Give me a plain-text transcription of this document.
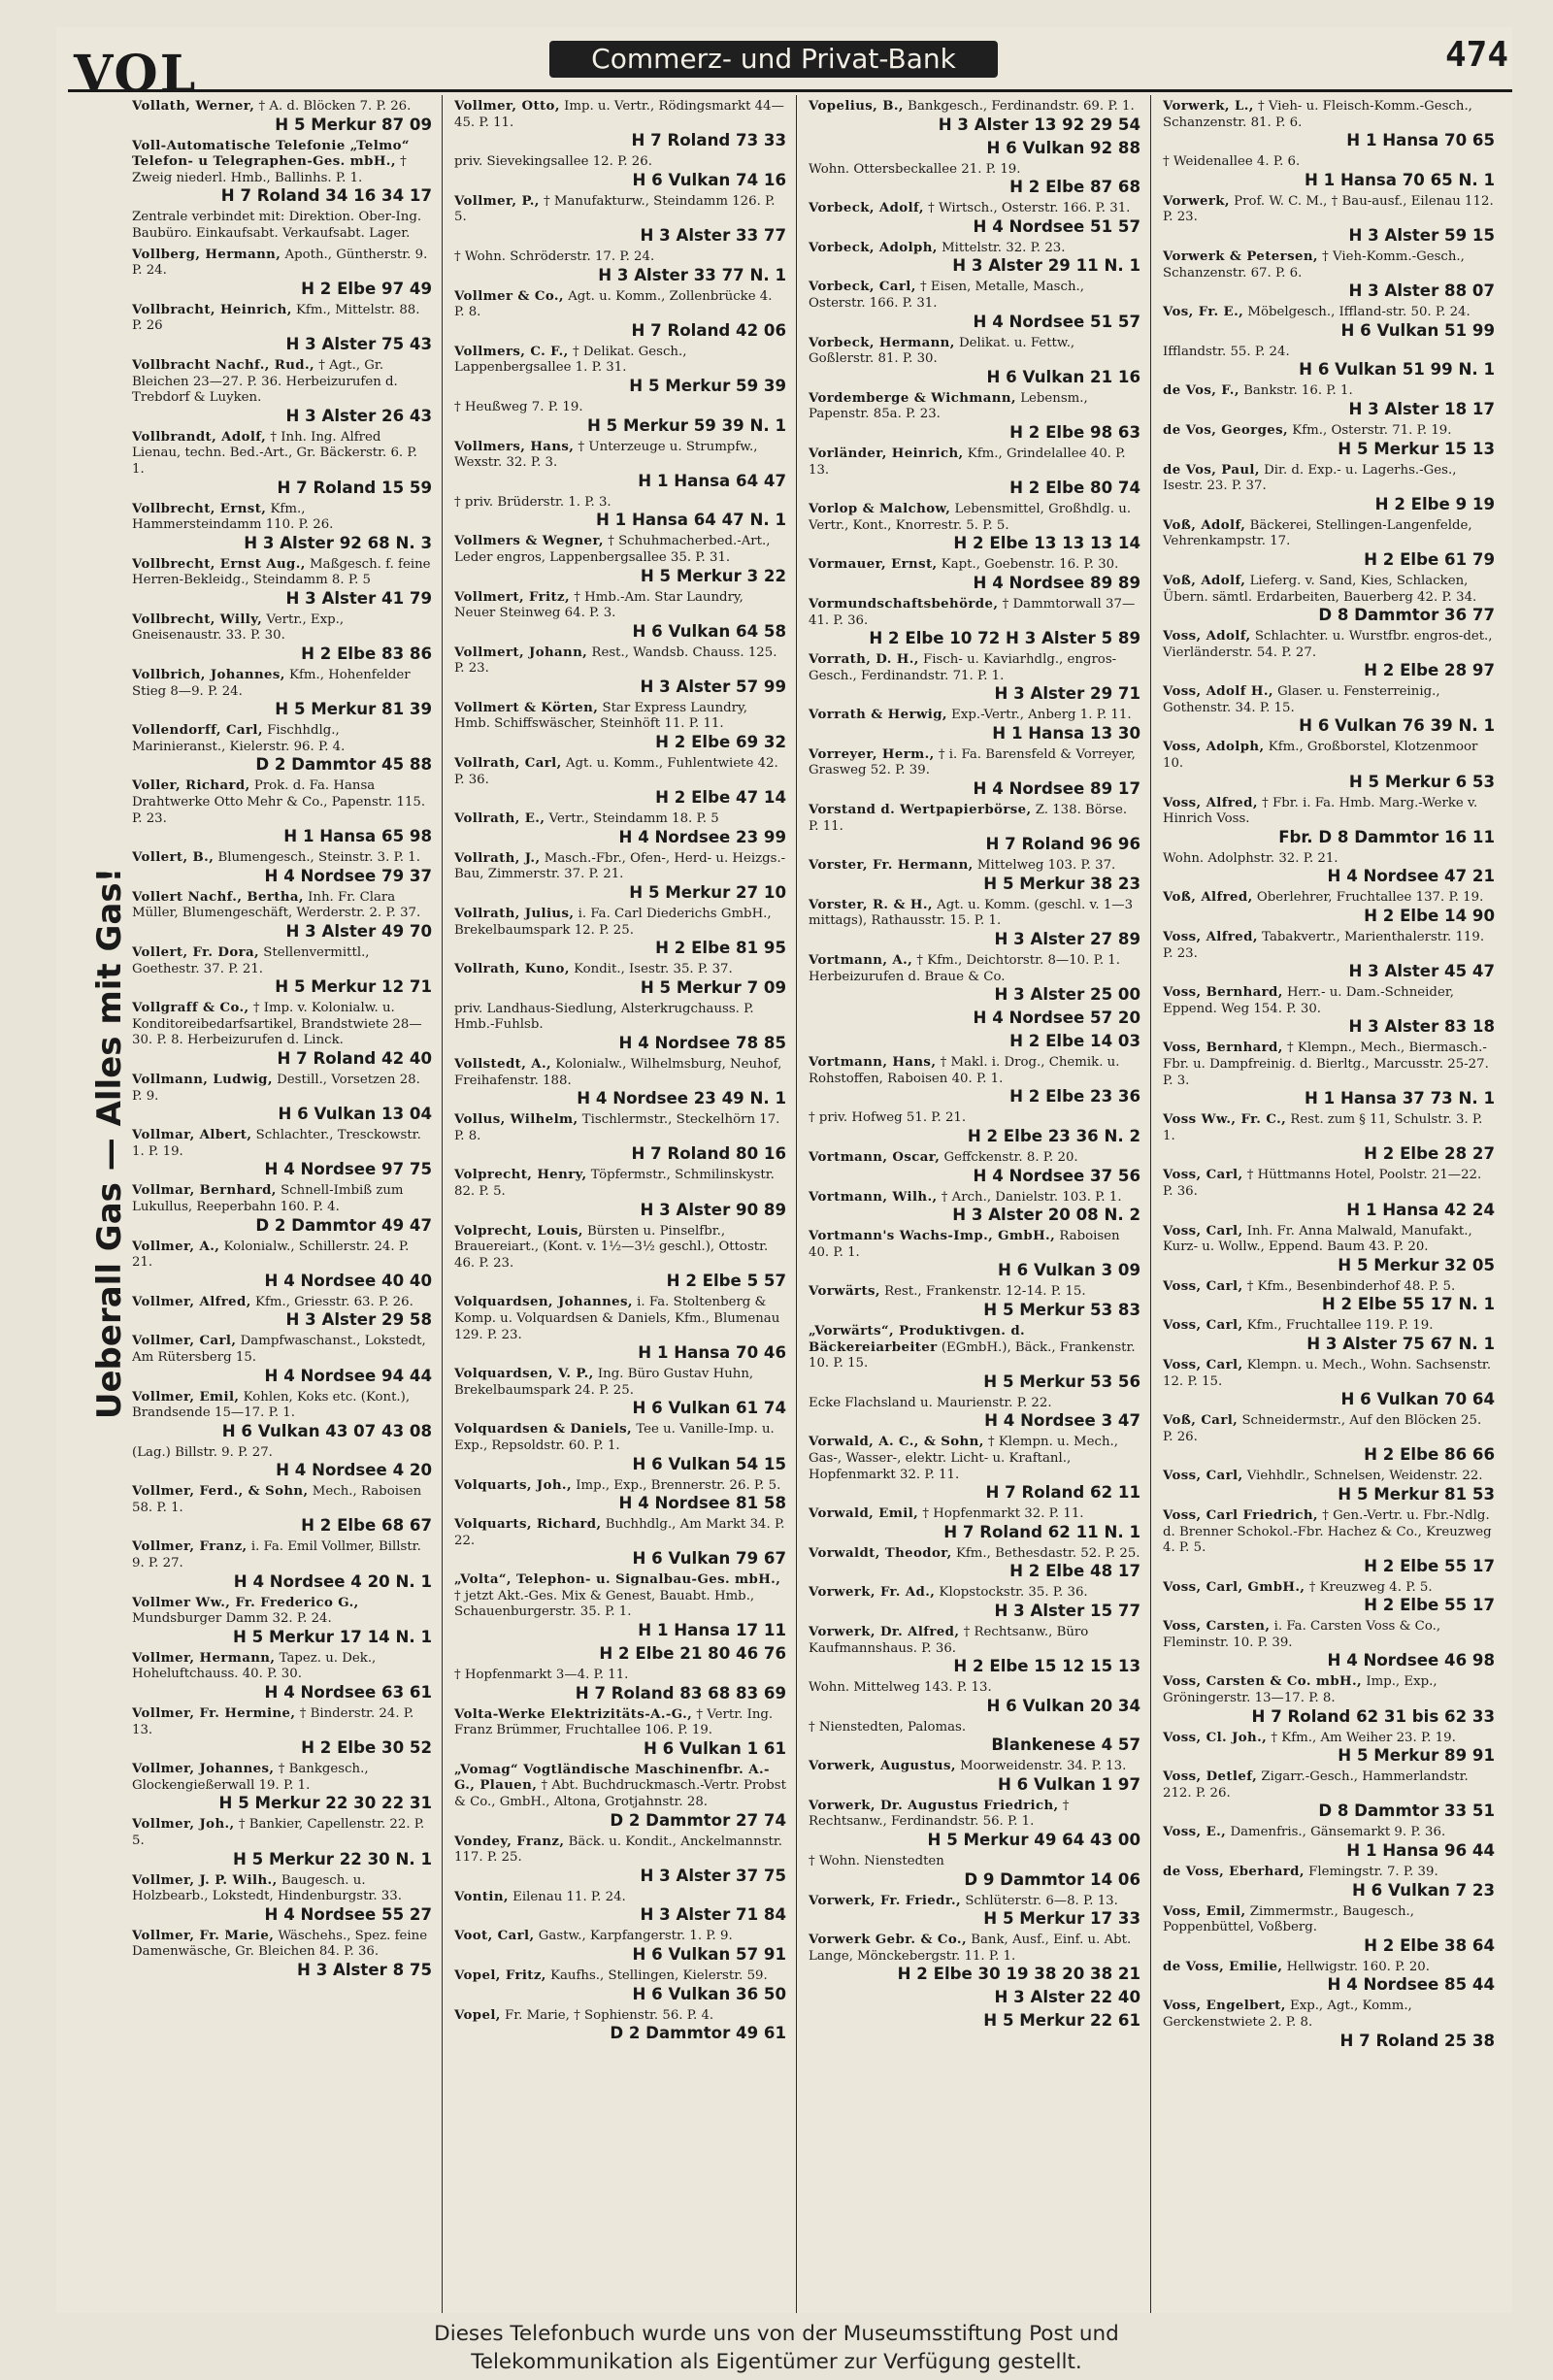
VOL	Commerz- und Privat-Bank	474
Ueberall Gas — Alles mit Gas!
Vollath, Werner, † A. d. Blöcken 7. P. 26.
H 5 Merkur 87 09
Voll-Automatische Telefonie „Telmo“ Telefon- u Telegraphen-Ges. mbH., † Zweig niederl. Hmb., Ballinhs. P. 1.
H 7 Roland 34 16 34 17
Zentrale verbindet mit: Direktion. Ober-Ing. Baubüro. Einkaufsabt. Verkaufsabt. Lager.
Vollberg, Hermann, Apoth., Güntherstr. 9. P. 24.
H 2 Elbe 97 49
Vollbracht, Heinrich, Kfm., Mittelstr. 88. P. 26
H 3 Alster 75 43
Vollbracht Nachf., Rud., † Agt., Gr. Bleichen 23—27. P. 36. Herbeizurufen d. Trebdorf & Luyken.
H 3 Alster 26 43
Vollbrandt, Adolf, † Inh. Ing. Alfred Lienau, techn. Bed.-Art., Gr. Bäckerstr. 6. P. 1.
H 7 Roland 15 59
Vollbrecht, Ernst, Kfm., Hammersteindamm 110. P. 26.
H 3 Alster 92 68 N. 3
Vollbrecht, Ernst Aug., Maßgesch. f. feine Herren-Bekleidg., Steindamm 8. P. 5
H 3 Alster 41 79
Vollbrecht, Willy, Vertr., Exp., Gneisenaustr. 33. P. 30.
H 2 Elbe 83 86
Vollbrich, Johannes, Kfm., Hohenfelder Stieg 8—9. P. 24.
H 5 Merkur 81 39
Vollendorff, Carl, Fischhdlg., Marinieranst., Kielerstr. 96. P. 4.
D 2 Dammtor 45 88
Voller, Richard, Prok. d. Fa. Hansa Drahtwerke Otto Mehr & Co., Papenstr. 115. P. 23.
H 1 Hansa 65 98
Vollert, B., Blumengesch., Steinstr. 3. P. 1.
H 4 Nordsee 79 37
Vollert Nachf., Bertha, Inh. Fr. Clara Müller, Blumengeschäft, Werderstr. 2. P. 37.
H 3 Alster 49 70
Vollert, Fr. Dora, Stellenvermittl., Goethestr. 37. P. 21.
H 5 Merkur 12 71
Vollgraff & Co., † Imp. v. Kolonialw. u. Konditoreibedarfsartikel, Brandstwiete 28—30. P. 8. Herbeizurufen d. Linck.
H 7 Roland 42 40
Vollmann, Ludwig, Destill., Vorsetzen 28. P. 9.
H 6 Vulkan 13 04
Vollmar, Albert, Schlachter., Tresckowstr. 1. P. 19.
H 4 Nordsee 97 75
Vollmar, Bernhard, Schnell-Imbiß zum Lukullus, Reeperbahn 160. P. 4.
D 2 Dammtor 49 47
Vollmer, A., Kolonialw., Schillerstr. 24. P. 21.
H 4 Nordsee 40 40
Vollmer, Alfred, Kfm., Griesstr. 63. P. 26.
H 3 Alster 29 58
Vollmer, Carl, Dampfwaschanst., Lokstedt, Am Rütersberg 15.
H 4 Nordsee 94 44
Vollmer, Emil, Kohlen, Koks etc. (Kont.), Brandsende 15—17. P. 1.
H 6 Vulkan 43 07 43 08
(Lag.) Billstr. 9. P. 27.
H 4 Nordsee 4 20
Vollmer, Ferd., & Sohn, Mech., Raboisen 58. P. 1.
H 2 Elbe 68 67
Vollmer, Franz, i. Fa. Emil Vollmer, Billstr. 9. P. 27.
H 4 Nordsee 4 20 N. 1
Vollmer Ww., Fr. Frederico G., Mundsburger Damm 32. P. 24.
H 5 Merkur 17 14 N. 1
Vollmer, Hermann, Tapez. u. Dek., Hoheluftchauss. 40. P. 30.
H 4 Nordsee 63 61
Vollmer, Fr. Hermine, † Binderstr. 24. P. 13.
H 2 Elbe 30 52
Vollmer, Johannes, † Bankgesch., Glockengießerwall 19. P. 1.
H 5 Merkur 22 30 22 31
Vollmer, Joh., † Bankier, Capellenstr. 22. P. 5.
H 5 Merkur 22 30 N. 1
Vollmer, J. P. Wilh., Baugesch. u. Holzbearb., Lokstedt, Hindenburgstr. 33.
H 4 Nordsee 55 27
Vollmer, Fr. Marie, Wäschehs., Spez. feine Damenwäsche, Gr. Bleichen 84. P. 36.
H 3 Alster 8 75
Vollmer, Otto, Imp. u. Vertr., Rödingsmarkt 44—45. P. 11.
H 7 Roland 73 33
priv. Sievekingsallee 12. P. 26.
H 6 Vulkan 74 16
Vollmer, P., † Manufakturw., Steindamm 126. P. 5.
H 3 Alster 33 77
† Wohn. Schröderstr. 17. P. 24.
H 3 Alster 33 77 N. 1
Vollmer & Co., Agt. u. Komm., Zollenbrücke 4. P. 8.
H 7 Roland 42 06
Vollmers, C. F., † Delikat. Gesch., Lappenbergsallee 1. P. 31.
H 5 Merkur 59 39
† Heußweg 7. P. 19.
H 5 Merkur 59 39 N. 1
Vollmers, Hans, † Unterzeuge u. Strumpfw., Wexstr. 32. P. 3.
H 1 Hansa 64 47
† priv. Brüderstr. 1. P. 3.
H 1 Hansa 64 47 N. 1
Vollmers & Wegner, † Schuhmacherbed.-Art., Leder engros, Lappenbergsallee 35. P. 31.
H 5 Merkur 3 22
Vollmert, Fritz, † Hmb.-Am. Star Laundry, Neuer Steinweg 64. P. 3.
H 6 Vulkan 64 58
Vollmert, Johann, Rest., Wandsb. Chauss. 125. P. 23.
H 3 Alster 57 99
Vollmert & Körten, Star Express Laundry, Hmb. Schiffswäscher, Steinhöft 11. P. 11.
H 2 Elbe 69 32
Vollrath, Carl, Agt. u. Komm., Fuhlentwiete 42. P. 36.
H 2 Elbe 47 14
Vollrath, E., Vertr., Steindamm 18. P. 5
H 4 Nordsee 23 99
Vollrath, J., Masch.-Fbr., Ofen-, Herd- u. Heizgs.-Bau, Zimmerstr. 37. P. 21.
H 5 Merkur 27 10
Vollrath, Julius, i. Fa. Carl Diederichs GmbH., Brekelbaumspark 12. P. 25.
H 2 Elbe 81 95
Vollrath, Kuno, Kondit., Isestr. 35. P. 37.
H 5 Merkur 7 09
priv. Landhaus-Siedlung, Alsterkrugchauss. P. Hmb.-Fuhlsb.
H 4 Nordsee 78 85
Vollstedt, A., Kolonialw., Wilhelmsburg, Neuhof, Freihafenstr. 188.
H 4 Nordsee 23 49 N. 1
Vollus, Wilhelm, Tischlermstr., Steckelhörn 17. P. 8.
H 7 Roland 80 16
Volprecht, Henry, Töpfermstr., Schmilinskystr. 82. P. 5.
H 3 Alster 90 89
Volprecht, Louis, Bürsten u. Pinselfbr., Brauereiart., (Kont. v. 1½—3½ geschl.), Ottostr. 46. P. 23.
H 2 Elbe 5 57
Volquardsen, Johannes, i. Fa. Stoltenberg & Komp. u. Volquardsen & Daniels, Kfm., Blumenau 129. P. 23.
H 1 Hansa 70 46
Volquardsen, V. P., Ing. Büro Gustav Huhn, Brekelbaumspark 24. P. 25.
H 6 Vulkan 61 74
Volquardsen & Daniels, Tee u. Vanille-Imp. u. Exp., Repsoldstr. 60. P. 1.
H 6 Vulkan 54 15
Volquarts, Joh., Imp., Exp., Brennerstr. 26. P. 5.
H 4 Nordsee 81 58
Volquarts, Richard, Buchhdlg., Am Markt 34. P. 22.
H 6 Vulkan 79 67
„Volta“, Telephon- u. Signalbau-Ges. mbH., † jetzt Akt.-Ges. Mix & Genest, Bauabt. Hmb., Schauenburgerstr. 35. P. 1.
H 1 Hansa 17 11
H 2 Elbe 21 80 46 76
† Hopfenmarkt 3—4. P. 11.
H 7 Roland 83 68 83 69
Volta-Werke Elektrizitäts-A.-G., † Vertr. Ing. Franz Brümmer, Fruchtallee 106. P. 19.
H 6 Vulkan 1 61
„Vomag“ Vogtländische Maschinenfbr. A.-G., Plauen, † Abt. Buchdruckmasch.-Vertr. Probst & Co., GmbH., Altona, Grotjahnstr. 28.
D 2 Dammtor 27 74
Vondey, Franz, Bäck. u. Kondit., Anckelmannstr. 117. P. 25.
H 3 Alster 37 75
Vontin, Eilenau 11. P. 24.
H 3 Alster 71 84
Voot, Carl, Gastw., Karpfangerstr. 1. P. 9.
H 6 Vulkan 57 91
Vopel, Fritz, Kaufhs., Stellingen, Kielerstr. 59.
H 6 Vulkan 36 50
Vopel, Fr. Marie, † Sophienstr. 56. P. 4.
D 2 Dammtor 49 61
Vopelius, B., Bankgesch., Ferdinandstr. 69. P. 1.
H 3 Alster 13 92 29 54
H 6 Vulkan 92 88
Wohn. Ottersbeckallee 21. P. 19.
H 2 Elbe 87 68
Vorbeck, Adolf, † Wirtsch., Osterstr. 166. P. 31.
H 4 Nordsee 51 57
Vorbeck, Adolph, Mittelstr. 32. P. 23.
H 3 Alster 29 11 N. 1
Vorbeck, Carl, † Eisen, Metalle, Masch., Osterstr. 166. P. 31.
H 4 Nordsee 51 57
Vorbeck, Hermann, Delikat. u. Fettw., Goßlerstr. 81. P. 30.
H 6 Vulkan 21 16
Vordemberge & Wichmann, Lebensm., Papenstr. 85a. P. 23.
H 2 Elbe 98 63
Vorländer, Heinrich, Kfm., Grindelallee 40. P. 13.
H 2 Elbe 80 74
Vorlop & Malchow, Lebensmittel, Großhdlg. u. Vertr., Kont., Knorrestr. 5. P. 5.
H 2 Elbe 13 13 13 14
Vormauer, Ernst, Kapt., Goebenstr. 16. P. 30.
H 4 Nordsee 89 89
Vormundschaftsbehörde, † Dammtorwall 37—41. P. 36.
H 2 Elbe 10 72 H 3 Alster 5 89
Vorrath, D. H., Fisch- u. Kaviarhdlg., engros-Gesch., Ferdinandstr. 71. P. 1.
H 3 Alster 29 71
Vorrath & Herwig, Exp.-Vertr., Anberg 1. P. 11.
H 1 Hansa 13 30
Vorreyer, Herm., † i. Fa. Barensfeld & Vorreyer, Grasweg 52. P. 39.
H 4 Nordsee 89 17
Vorstand d. Wertpapierbörse, Z. 138. Börse. P. 11.
H 7 Roland 96 96
Vorster, Fr. Hermann, Mittelweg 103. P. 37.
H 5 Merkur 38 23
Vorster, R. & H., Agt. u. Komm. (geschl. v. 1—3 mittags), Rathausstr. 15. P. 1.
H 3 Alster 27 89
Vortmann, A., † Kfm., Deichtorstr. 8—10. P. 1. Herbeizurufen d. Braue & Co.
H 3 Alster 25 00
H 4 Nordsee 57 20
H 2 Elbe 14 03
Vortmann, Hans, † Makl. i. Drog., Chemik. u. Rohstoffen, Raboisen 40. P. 1.
H 2 Elbe 23 36
† priv. Hofweg 51. P. 21.
H 2 Elbe 23 36 N. 2
Vortmann, Oscar, Geffckenstr. 8. P. 20.
H 4 Nordsee 37 56
Vortmann, Wilh., † Arch., Danielstr. 103. P. 1.
H 3 Alster 20 08 N. 2
Vortmann's Wachs-Imp., GmbH., Raboisen 40. P. 1.
H 6 Vulkan 3 09
Vorwärts, Rest., Frankenstr. 12-14. P. 15.
H 5 Merkur 53 83
„Vorwärts“, Produktivgen. d. Bäckereiarbeiter (EGmbH.), Bäck., Frankenstr. 10. P. 15.
H 5 Merkur 53 56
Ecke Flachsland u. Maurienstr. P. 22.
H 4 Nordsee 3 47
Vorwald, A. C., & Sohn, † Klempn. u. Mech., Gas-, Wasser-, elektr. Licht- u. Kraftanl., Hopfenmarkt 32. P. 11.
H 7 Roland 62 11
Vorwald, Emil, † Hopfenmarkt 32. P. 11.
H 7 Roland 62 11 N. 1
Vorwaldt, Theodor, Kfm., Bethesdastr. 52. P. 25.
H 2 Elbe 48 17
Vorwerk, Fr. Ad., Klopstockstr. 35. P. 36.
H 3 Alster 15 77
Vorwerk, Dr. Alfred, † Rechtsanw., Büro Kaufmannshaus. P. 36.
H 2 Elbe 15 12 15 13
Wohn. Mittelweg 143. P. 13.
H 6 Vulkan 20 34
† Nienstedten, Palomas.
Blankenese 4 57
Vorwerk, Augustus, Moorweidenstr. 34. P. 13.
H 6 Vulkan 1 97
Vorwerk, Dr. Augustus Friedrich, † Rechtsanw., Ferdinandstr. 56. P. 1.
H 5 Merkur 49 64 43 00
† Wohn. Nienstedten
D 9 Dammtor 14 06
Vorwerk, Fr. Friedr., Schlüterstr. 6—8. P. 13.
H 5 Merkur 17 33
Vorwerk Gebr. & Co., Bank, Ausf., Einf. u. Abt. Lange, Mönckebergstr. 11. P. 1.
H 2 Elbe 30 19 38 20 38 21
H 3 Alster 22 40
H 5 Merkur 22 61
Vorwerk, L., † Vieh- u. Fleisch-Komm.-Gesch., Schanzenstr. 81. P. 6.
H 1 Hansa 70 65
† Weidenallee 4. P. 6.
H 1 Hansa 70 65 N. 1
Vorwerk, Prof. W. C. M., † Bau-ausf., Eilenau 112. P. 23.
H 3 Alster 59 15
Vorwerk & Petersen, † Vieh-Komm.-Gesch., Schanzenstr. 67. P. 6.
H 3 Alster 88 07
Vos, Fr. E., Möbelgesch., Iffland-str. 50. P. 24.
H 6 Vulkan 51 99
Ifflandstr. 55. P. 24.
H 6 Vulkan 51 99 N. 1
de Vos, F., Bankstr. 16. P. 1.
H 3 Alster 18 17
de Vos, Georges, Kfm., Osterstr. 71. P. 19.
H 5 Merkur 15 13
de Vos, Paul, Dir. d. Exp.- u. Lagerhs.-Ges., Isestr. 23. P. 37.
H 2 Elbe 9 19
Voß, Adolf, Bäckerei, Stellingen-Langenfelde, Vehrenkampstr. 17.
H 2 Elbe 61 79
Voß, Adolf, Lieferg. v. Sand, Kies, Schlacken, Übern. sämtl. Erdarbeiten, Bauerberg 42. P. 34.
D 8 Dammtor 36 77
Voss, Adolf, Schlachter. u. Wurstfbr. engros-det., Vierländerstr. 54. P. 27.
H 2 Elbe 28 97
Voss, Adolf H., Glaser. u. Fensterreinig., Gothenstr. 34. P. 15.
H 6 Vulkan 76 39 N. 1
Voss, Adolph, Kfm., Großborstel, Klotzenmoor 10.
H 5 Merkur 6 53
Voss, Alfred, † Fbr. i. Fa. Hmb. Marg.-Werke v. Hinrich Voss.
Fbr. D 8 Dammtor 16 11
Wohn. Adolphstr. 32. P. 21.
H 4 Nordsee 47 21
Voß, Alfred, Oberlehrer, Fruchtallee 137. P. 19.
H 2 Elbe 14 90
Voss, Alfred, Tabakvertr., Marienthalerstr. 119. P. 23.
H 3 Alster 45 47
Voss, Bernhard, Herr.- u. Dam.-Schneider, Eppend. Weg 154. P. 30.
H 3 Alster 83 18
Voss, Bernhard, † Klempn., Mech., Biermasch.-Fbr. u. Dampfreinig. d. Bierltg., Marcusstr. 25-27. P. 3.
H 1 Hansa 37 73 N. 1
Voss Ww., Fr. C., Rest. zum § 11, Schulstr. 3. P. 1.
H 2 Elbe 28 27
Voss, Carl, † Hüttmanns Hotel, Poolstr. 21—22. P. 36.
H 1 Hansa 42 24
Voss, Carl, Inh. Fr. Anna Malwald, Manufakt., Kurz- u. Wollw., Eppend. Baum 43. P. 20.
H 5 Merkur 32 05
Voss, Carl, † Kfm., Besenbinderhof 48. P. 5.
H 2 Elbe 55 17 N. 1
Voss, Carl, Kfm., Fruchtallee 119. P. 19.
H 3 Alster 75 67 N. 1
Voss, Carl, Klempn. u. Mech., Wohn. Sachsenstr. 12. P. 15.
H 6 Vulkan 70 64
Voß, Carl, Schneidermstr., Auf den Blöcken 25. P. 26.
H 2 Elbe 86 66
Voss, Carl, Viehhdlr., Schnelsen, Weidenstr. 22.
H 5 Merkur 81 53
Voss, Carl Friedrich, † Gen.-Vertr. u. Fbr.-Ndlg. d. Brenner Schokol.-Fbr. Hachez & Co., Kreuzweg 4. P. 5.
H 2 Elbe 55 17
Voss, Carl, GmbH., † Kreuzweg 4. P. 5.
H 2 Elbe 55 17
Voss, Carsten, i. Fa. Carsten Voss & Co., Fleminstr. 10. P. 39.
H 4 Nordsee 46 98
Voss, Carsten & Co. mbH., Imp., Exp., Gröningerstr. 13—17. P. 8.
H 7 Roland 62 31 bis 62 33
Voss, Cl. Joh., † Kfm., Am Weiher 23. P. 19.
H 5 Merkur 89 91
Voss, Detlef, Zigarr.-Gesch., Hammerlandstr. 212. P. 26.
D 8 Dammtor 33 51
Voss, E., Damenfris., Gänsemarkt 9. P. 36.
H 1 Hansa 96 44
de Voss, Eberhard, Flemingstr. 7. P. 39.
H 6 Vulkan 7 23
Voss, Emil, Zimmermstr., Baugesch., Poppenbüttel, Voßberg.
H 2 Elbe 38 64
de Voss, Emilie, Hellwigstr. 160. P. 20.
H 4 Nordsee 85 44
Voss, Engelbert, Exp., Agt., Komm., Gerckenstwiete 2. P. 8.
H 7 Roland 25 38
Dieses Telefonbuch wurde uns von der Museumsstiftung Post und
Telekommunikation als Eigentümer zur Verfügung gestellt.
